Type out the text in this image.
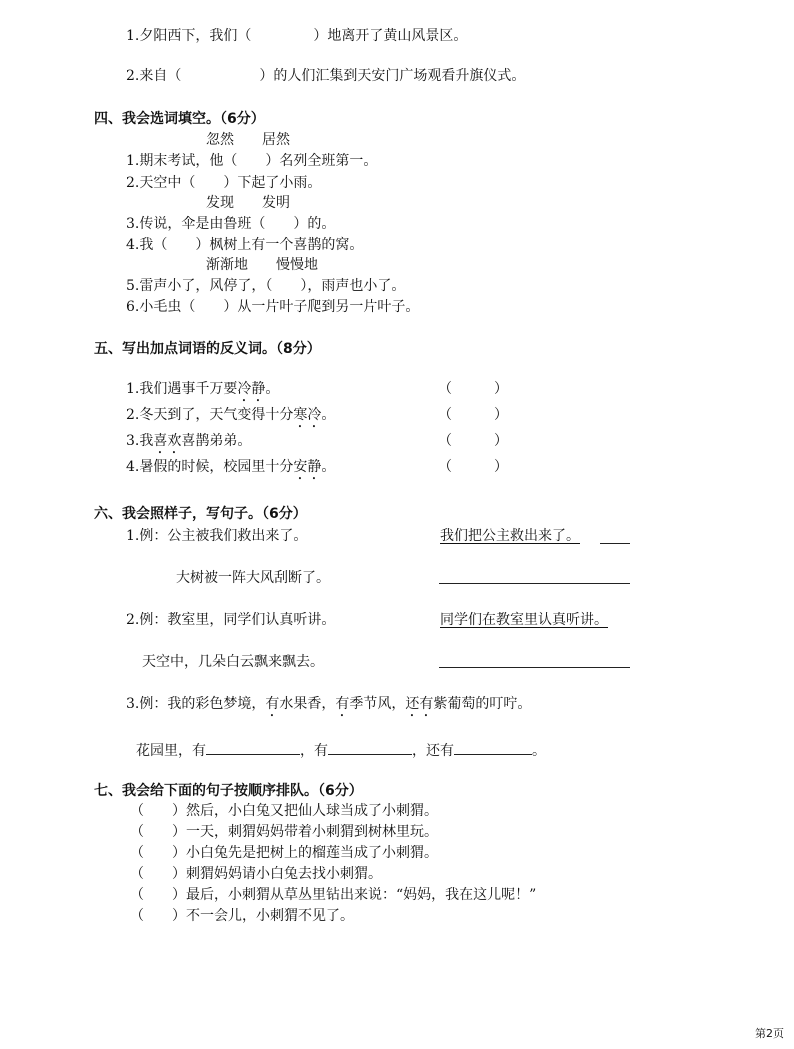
1.夕阳西下，我们（	）地离开了黄山风景区。
2.来自（	）的人们汇集到天安门广场观看升旗仪式。
四、我会选词填空。（6分）
忽然　　居然
1.期末考试，他（　　）名列全班第一。
2.天空中（　　）下起了小雨。
发现　　发明
3.传说，伞是由鲁班（　　）的。
4.我（　　）枫树上有一个喜鹊的窝。
渐渐地　　慢慢地
5.雷声小了，风停了，（　　），雨声也小了。
6.小毛虫（　　）从一片叶子爬到另一片叶子。
五、写出加点词语的反义词。（8分）
1.我们遇事千万要冷静。	（　　　）
2.冬天到了，天气变得十分寒冷。	（　　　）
3.我喜欢喜鹊弟弟。	（　　　）
4.暑假的时候，校园里十分安静。	（　　　）
六、我会照样子，写句子。（6分）
1.例：公主被我们救出来了。	我们把公主救出来了。
大树被一阵大风刮断了。
2.例：教室里，同学们认真听讲。	同学们在教室里认真听讲。
天空中，几朵白云飘来飘去。
3.例：我的彩色梦境，有水果香，有季节风，还有紫葡萄的叮咛。
花园里，有	，有	，还有	。
七、我会给下面的句子按顺序排队。（6分）
（　　）然后，小白兔又把仙人球当成了小刺猬。
（　　）一天，刺猬妈妈带着小刺猬到树林里玩。
（　　）小白兔先是把树上的榴莲当成了小刺猬。
（　　）刺猬妈妈请小白兔去找小刺猬。
（　　）最后，小刺猬从草丛里钻出来说：“妈妈，我在这儿呢！”
（　　）不一会儿，小刺猬不见了。
第2页
